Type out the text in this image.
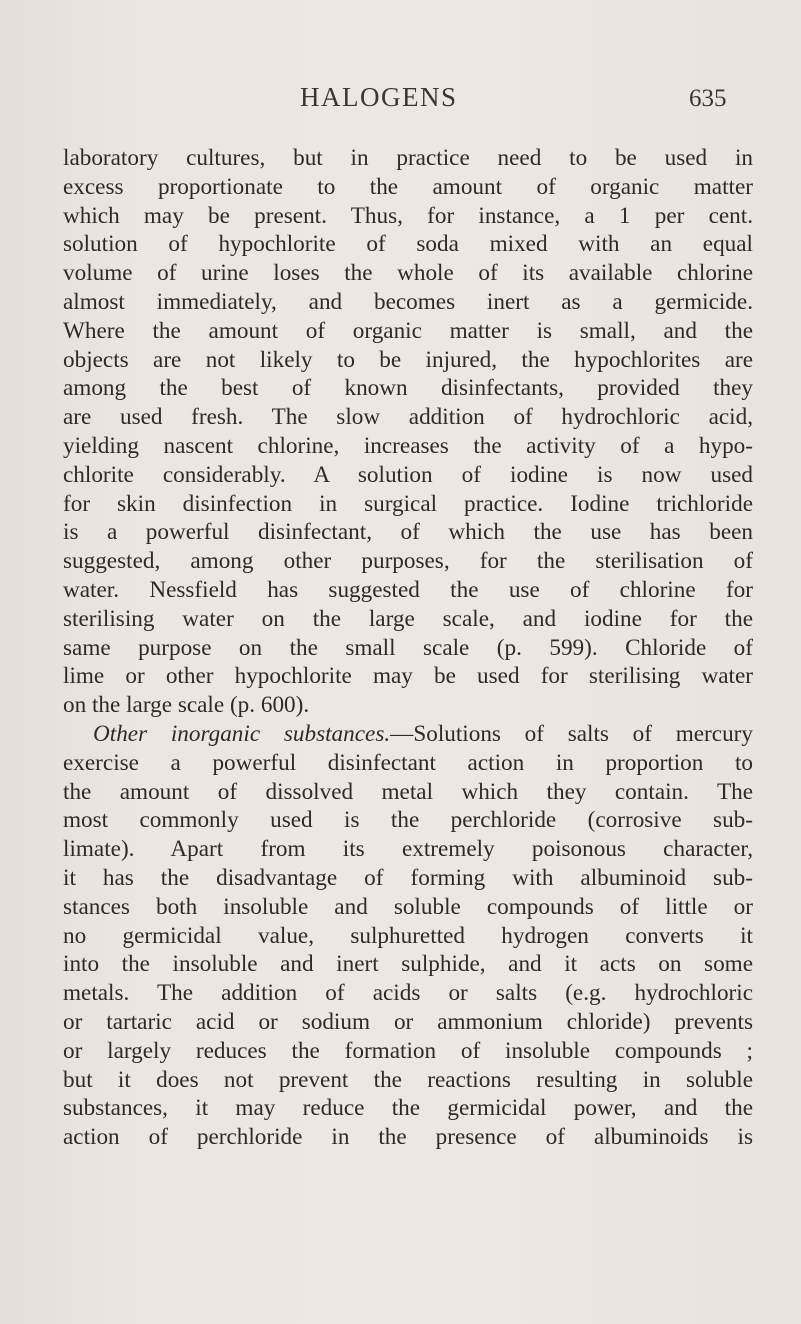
HALOGENS	635
laboratory cultures, but in practice need to be used in
excess proportionate to the amount of organic matter
which may be present. Thus, for instance, a 1 per cent.
solution of hypochlorite of soda mixed with an equal
volume of urine loses the whole of its available chlorine
almost immediately, and becomes inert as a germicide.
Where the amount of organic matter is small, and the
objects are not likely to be injured, the hypochlorites are
among the best of known disinfectants, provided they
are used fresh. The slow addition of hydrochloric acid,
yielding nascent chlorine, increases the activity of a hypo-
chlorite considerably. A solution of iodine is now used
for skin disinfection in surgical practice. Iodine trichloride
is a powerful disinfectant, of which the use has been
suggested, among other purposes, for the sterilisation of
water. Nessfield has suggested the use of chlorine for
sterilising water on the large scale, and iodine for the
same purpose on the small scale (p. 599). Chloride of
lime or other hypochlorite may be used for sterilising water
on the large scale (p. 600).
Other inorganic substances.—Solutions of salts of mercury
exercise a powerful disinfectant action in proportion to
the amount of dissolved metal which they contain. The
most commonly used is the perchloride (corrosive sub-
limate). Apart from its extremely poisonous character,
it has the disadvantage of forming with albuminoid sub-
stances both insoluble and soluble compounds of little or
no germicidal value, sulphuretted hydrogen converts it
into the insoluble and inert sulphide, and it acts on some
metals. The addition of acids or salts (e.g. hydrochloric
or tartaric acid or sodium or ammonium chloride) prevents
or largely reduces the formation of insoluble compounds ;
but it does not prevent the reactions resulting in soluble
substances, it may reduce the germicidal power, and the
action of perchloride in the presence of albuminoids is
